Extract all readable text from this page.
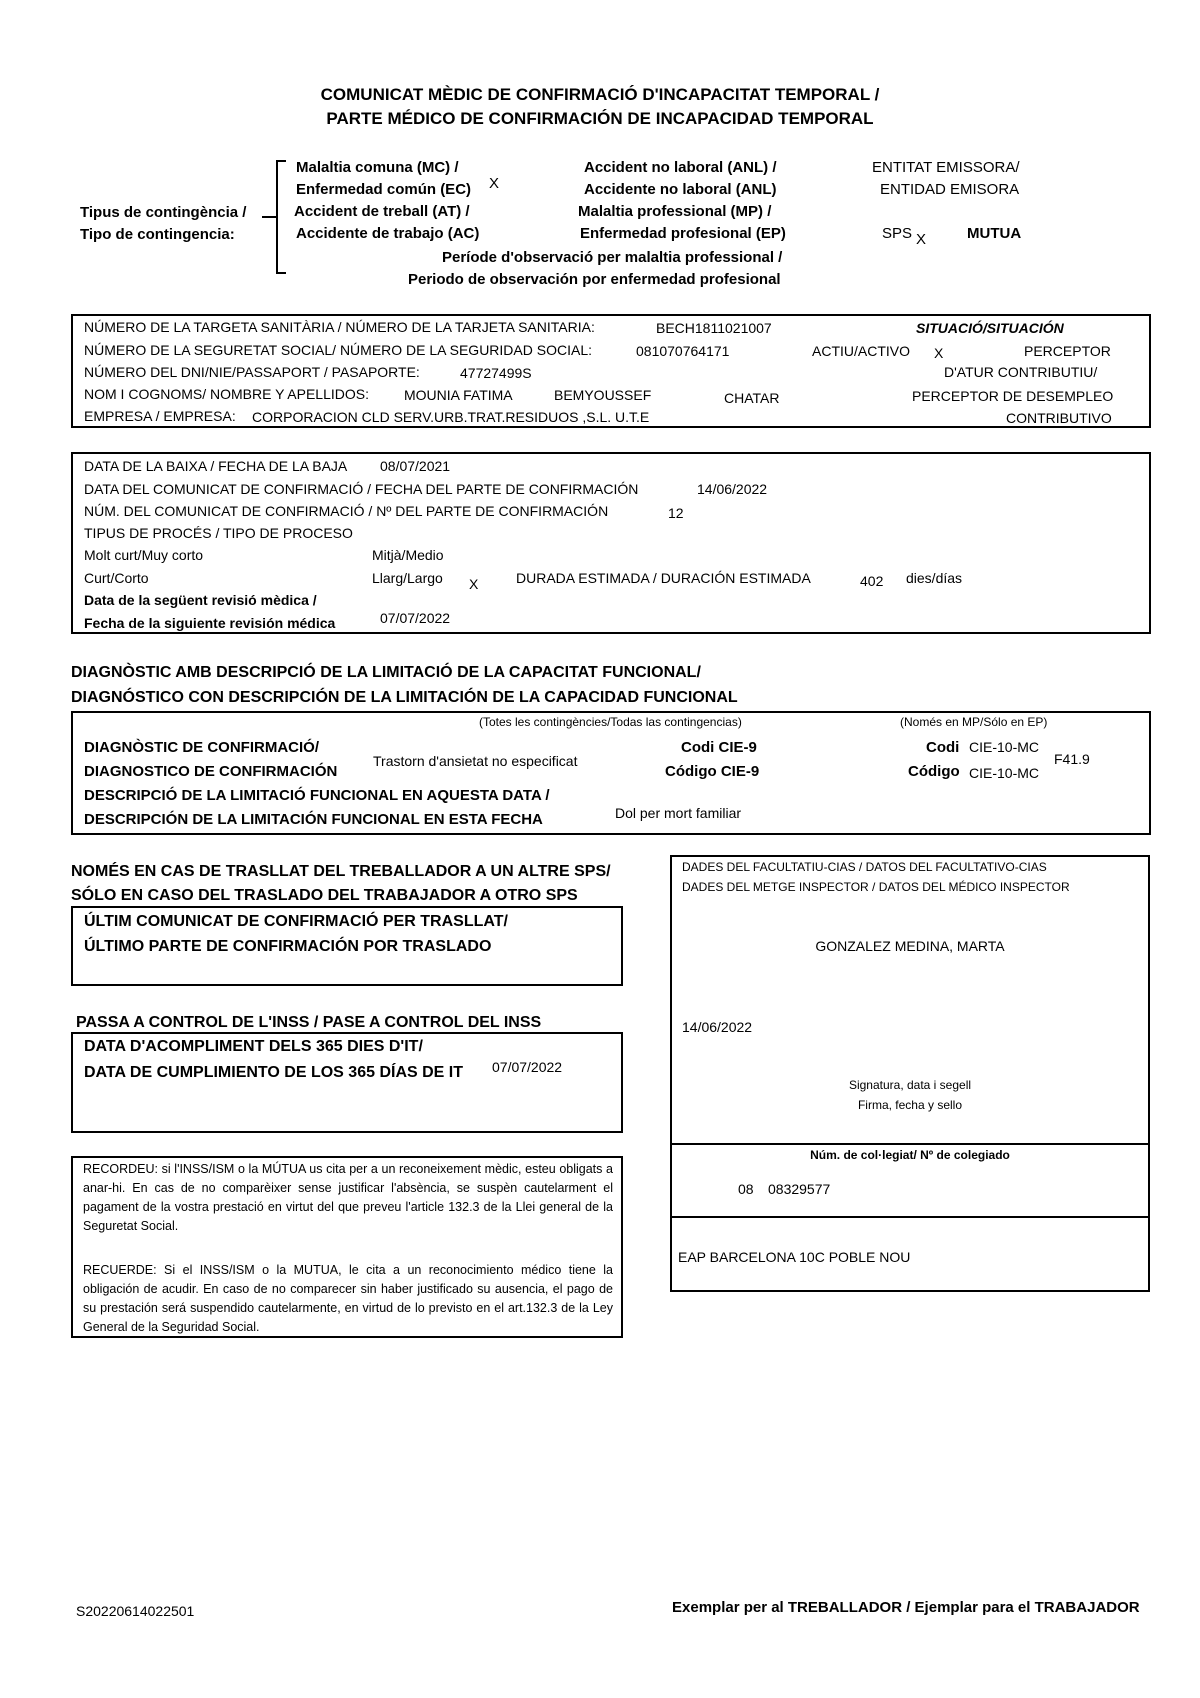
COMUNICAT MÈDIC DE CONFIRMACIÓ D'INCAPACITAT TEMPORAL /
PARTE MÉDICO DE CONFIRMACIÓN DE INCAPACIDAD TEMPORAL
Tipus de contingència /
Tipo de contingencia:
Malaltia comuna (MC) /
Enfermedad común (EC) X
Accident de treball (AT) /
Accidente de trabajo (AC)
Accident no laboral (ANL) /
Accidente no laboral (ANL)
Malaltia professional (MP) /
Enfermedad profesional (EP)
Període d'observació per malaltia professional /
Periodo de observación por enfermedad profesional
ENTITAT EMISSORA/
ENTIDAD EMISORA
SPS X	MUTUA
NÚMERO DE LA TARGETA SANITÀRIA / NÚMERO DE LA TARJETA SANITARIA:	BECH1811021007
NÚMERO DE LA SEGURETAT SOCIAL/ NÚMERO DE LA SEGURIDAD SOCIAL:	081070764171
NÚMERO DEL DNI/NIE/PASSAPORT / PASAPORTE:	47727499S
NOM I COGNOMS/ NOMBRE Y APELLIDOS:	MOUNIA FATIMA	BEMYOUSSEF	CHATAR
EMPRESA / EMPRESA: CORPORACION CLD SERV.URB.TRAT.RESIDUOS ,S.L. U.T.E
SITUACIÓ/SITUACIÓN
ACTIU/ACTIVO X	PERCEPTOR
D'ATUR CONTRIBUTIU/
PERCEPTOR DE DESEMPLEO
CONTRIBUTIVO
DATA DE LA BAIXA / FECHA DE LA BAJA 08/07/2021
DATA DEL COMUNICAT DE CONFIRMACIÓ / FECHA DEL PARTE DE CONFIRMACIÓN	14/06/2022
NÚM. DEL COMUNICAT DE CONFIRMACIÓ / Nº DEL PARTE DE CONFIRMACIÓN	12
TIPUS DE PROCÉS / TIPO DE PROCESO
Molt curt/Muy corto	Mitjà/Medio
Curt/Corto	Llarg/Largo X	DURADA ESTIMADA / DURACIÓN ESTIMADA	402 dies/días
Data de la següent revisió mèdica /
Fecha de la siguiente revisión médica	07/07/2022
DIAGNÒSTIC AMB DESCRIPCIÓ DE LA LIMITACIÓ DE LA CAPACITAT FUNCIONAL/
DIAGNÓSTICO CON DESCRIPCIÓN DE LA LIMITACIÓN DE LA CAPACIDAD FUNCIONAL
(Totes les contingències/Todas las contingencias)	(Només en MP/Sólo en EP)
DIAGNÒSTIC DE CONFIRMACIÓ/
DIAGNOSTICO DE CONFIRMACIÓN
Trastorn d'ansietat no especificat
Codi CIE-9
Código CIE-9
Codi CIE-10-MC
Código CIE-10-MC
F41.9
DESCRIPCIÓ DE LA LIMITACIÓ FUNCIONAL EN AQUESTA DATA /
DESCRIPCIÓN DE LA LIMITACIÓN FUNCIONAL EN ESTA FECHA	Dol per mort familiar
NOMÉS EN CAS DE TRASLLAT DEL TREBALLADOR A UN ALTRE SPS/
SÓLO EN CASO DEL TRASLADO DEL TRABAJADOR A OTRO SPS
ÚLTIM COMUNICAT DE CONFIRMACIÓ PER TRASLLAT/
ÚLTIMO PARTE DE CONFIRMACIÓN POR TRASLADO
PASSA A CONTROL DE L'INSS / PASE A CONTROL DEL INSS
DATA D'ACOMPLIMENT DELS 365 DIES D'IT/
DATA DE CUMPLIMIENTO DE LOS 365 DÍAS DE IT 07/07/2022
RECORDEU: si l'INSS/ISM o la MÚTUA us cita per a un reconeixement mèdic, esteu obligats a anar-hi. En cas de no comparèixer sense justificar l'absència, se suspèn cautelarment el pagament de la vostra prestació en virtut del que preveu l'article 132.3 de la Llei general de la Seguretat Social.
RECUERDE: Si el INSS/ISM o la MUTUA, le cita a un reconocimiento médico tiene la obligación de acudir. En caso de no comparecer sin haber justificado su ausencia, el pago de su prestación será suspendido cautelarmente, en virtud de lo previsto en el art.132.3 de la Ley General de la Seguridad Social.
DADES DEL FACULTATIU-CIAS / DATOS DEL FACULTATIVO-CIAS
DADES DEL METGE INSPECTOR / DATOS DEL MÉDICO INSPECTOR
GONZALEZ MEDINA, MARTA
14/06/2022
Signatura, data i segell
Firma, fecha y sello
Núm. de col·legiat/ Nº de colegiado
08 08329577
EAP BARCELONA 10C POBLE NOU
S20220614022501	Exemplar per al TREBALLADOR / Ejemplar para el TRABAJADOR
